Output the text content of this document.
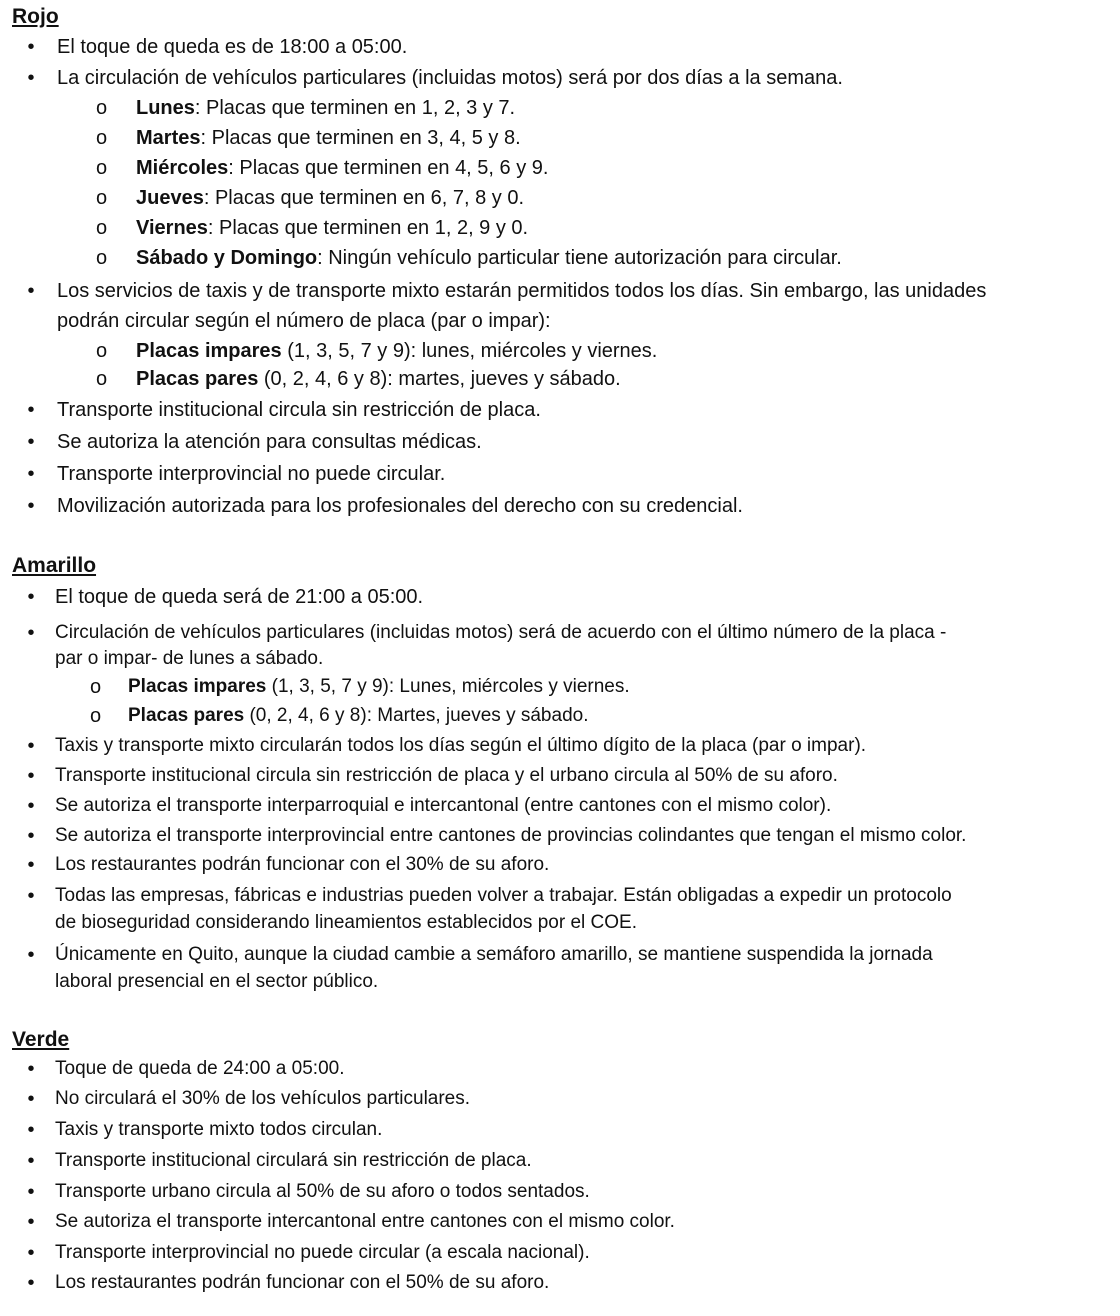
Rojo
• El toque de queda es de 18:00 a 05:00.
• La circulación de vehículos particulares (incluidas motos) será por dos días a la semana.
o Lunes: Placas que terminen en 1, 2, 3 y 7.
o Martes: Placas que terminen en 3, 4, 5 y 8.
o Miércoles: Placas que terminen en 4, 5, 6 y 9.
o Jueves: Placas que terminen en 6, 7, 8 y 0.
o Viernes: Placas que terminen en 1, 2, 9 y 0.
o Sábado y Domingo: Ningún vehículo particular tiene autorización para circular.
• Los servicios de taxis y de transporte mixto estarán permitidos todos los días. Sin embargo, las unidades
podrán circular según el número de placa (par o impar):
o Placas impares (1, 3, 5, 7 y 9): lunes, miércoles y viernes.
o Placas pares (0, 2, 4, 6 y 8): martes, jueves y sábado.
• Transporte institucional circula sin restricción de placa.
• Se autoriza la atención para consultas médicas.
• Transporte interprovincial no puede circular.
• Movilización autorizada para los profesionales del derecho con su credencial.
Amarillo
• El toque de queda será de 21:00 a 05:00.
• Circulación de vehículos particulares (incluidas motos) será de acuerdo con el último número de la placa -
par o impar- de lunes a sábado.
o Placas impares (1, 3, 5, 7 y 9): Lunes, miércoles y viernes.
o Placas pares (0, 2, 4, 6 y 8): Martes, jueves y sábado.
• Taxis y transporte mixto circularán todos los días según el último dígito de la placa (par o impar).
• Transporte institucional circula sin restricción de placa y el urbano circula al 50% de su aforo.
• Se autoriza el transporte interparroquial e intercantonal (entre cantones con el mismo color).
• Se autoriza el transporte interprovincial entre cantones de provincias colindantes que tengan el mismo color.
• Los restaurantes podrán funcionar con el 30% de su aforo.
• Todas las empresas, fábricas e industrias pueden volver a trabajar. Están obligadas a expedir un protocolo
de bioseguridad considerando lineamientos establecidos por el COE.
• Únicamente en Quito, aunque la ciudad cambie a semáforo amarillo, se mantiene suspendida la jornada
laboral presencial en el sector público.
Verde
• Toque de queda de 24:00 a 05:00.
• No circulará el 30% de los vehículos particulares.
• Taxis y transporte mixto todos circulan.
• Transporte institucional circulará sin restricción de placa.
• Transporte urbano circula al 50% de su aforo o todos sentados.
• Se autoriza el transporte intercantonal entre cantones con el mismo color.
• Transporte interprovincial no puede circular (a escala nacional).
• Los restaurantes podrán funcionar con el 50% de su aforo.
